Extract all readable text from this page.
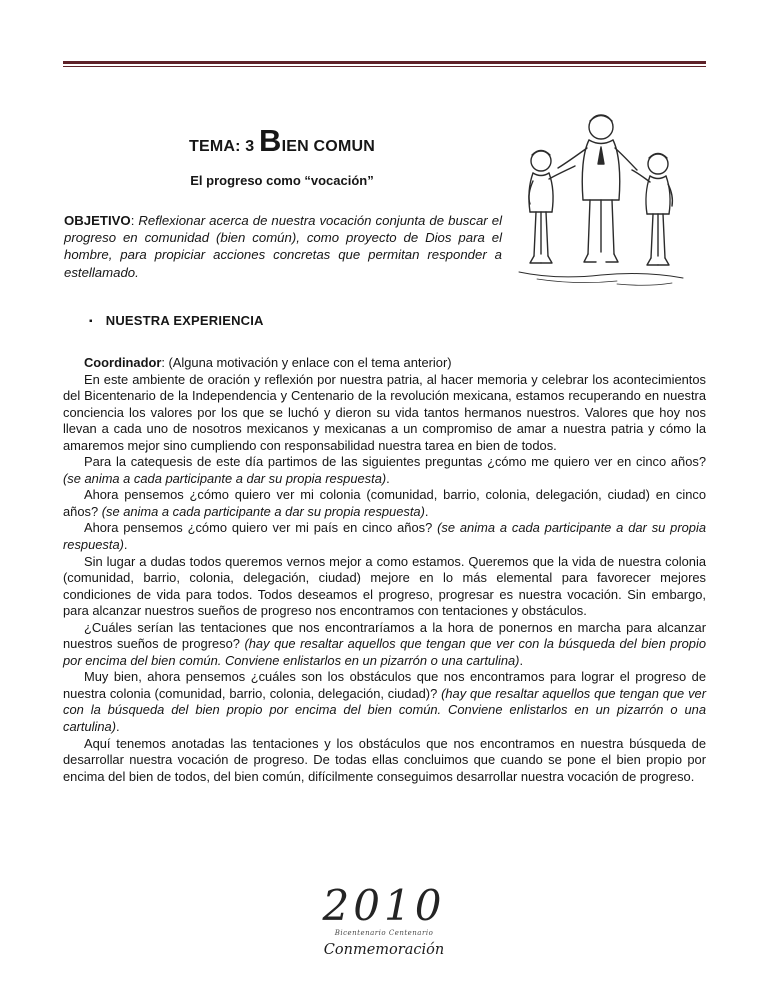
TEMA: 3 BIEN COMUN
El progreso como “vocación”

OBJETIVO: Reflexionar acerca de nuestra vocación conjunta de buscar el progreso en comunidad (bien común), como proyecto de Dios para el hombre, para propiciar acciones concretas que permitan responder a estellamado.

▪ NUESTRA EXPERIENCIA

Coordinador: (Alguna motivación y enlace con el tema anterior)

En este ambiente de oración y reflexión por nuestra patria, al hacer memoria y celebrar los acontecimientos del Bicentenario de la Independencia y Centenario de la revolución mexicana, estamos recuperando en nuestra conciencia los valores por los que se luchó y dieron su vida tantos hermanos nuestros. Valores que hoy nos llevan a cada uno de nosotros mexicanos y mexicanas a un compromiso de amar a nuestra patria y cómo la amaremos mejor sino cumpliendo con responsabilidad nuestra tarea en bien de todos.

Para la catequesis de este día partimos de las siguientes preguntas ¿cómo me quiero ver en cinco años? (se anima a cada participante a dar su propia respuesta).

Ahora pensemos ¿cómo quiero ver mi colonia (comunidad, barrio, colonia, delegación, ciudad) en cinco años? (se anima a cada participante a dar su propia respuesta).

Ahora pensemos ¿cómo quiero ver mi país en cinco años? (se anima a cada participante a dar su propia respuesta).

Sin lugar a dudas todos queremos vernos mejor a como estamos. Queremos que la vida de nuestra colonia (comunidad, barrio, colonia, delegación, ciudad) mejore en lo más elemental para favorecer mejores condiciones de vida para todos. Todos deseamos el progreso, progresar es nuestra vocación. Sin embargo, para alcanzar nuestros sueños de progreso nos encontramos con tentaciones y obstáculos.

¿Cuáles serían las tentaciones que nos encontraríamos a la hora de ponernos en marcha para alcanzar nuestros sueños de progreso? (hay que resaltar aquellos que tengan que ver con la búsqueda del bien propio por encima del bien común. Conviene enlistarlos en un pizarrón o una cartulina).

Muy bien, ahora pensemos ¿cuáles son los obstáculos que nos encontramos para lograr el progreso de nuestra colonia (comunidad, barrio, colonia, delegación, ciudad)? (hay que resaltar aquellos que tengan que ver con la búsqueda del bien propio por encima del bien común. Conviene enlistarlos en un pizarrón o una cartulina).

Aquí tenemos anotadas las tentaciones y los obstáculos que nos encontramos en nuestra búsqueda de desarrollar nuestra vocación de progreso. De todas ellas concluimos que cuando se pone el bien propio por encima del bien de todos, del bien común, difícilmente conseguimos desarrollar nuestra vocación de progreso.

2010
Bicentenario Centenario
Conmemoración
